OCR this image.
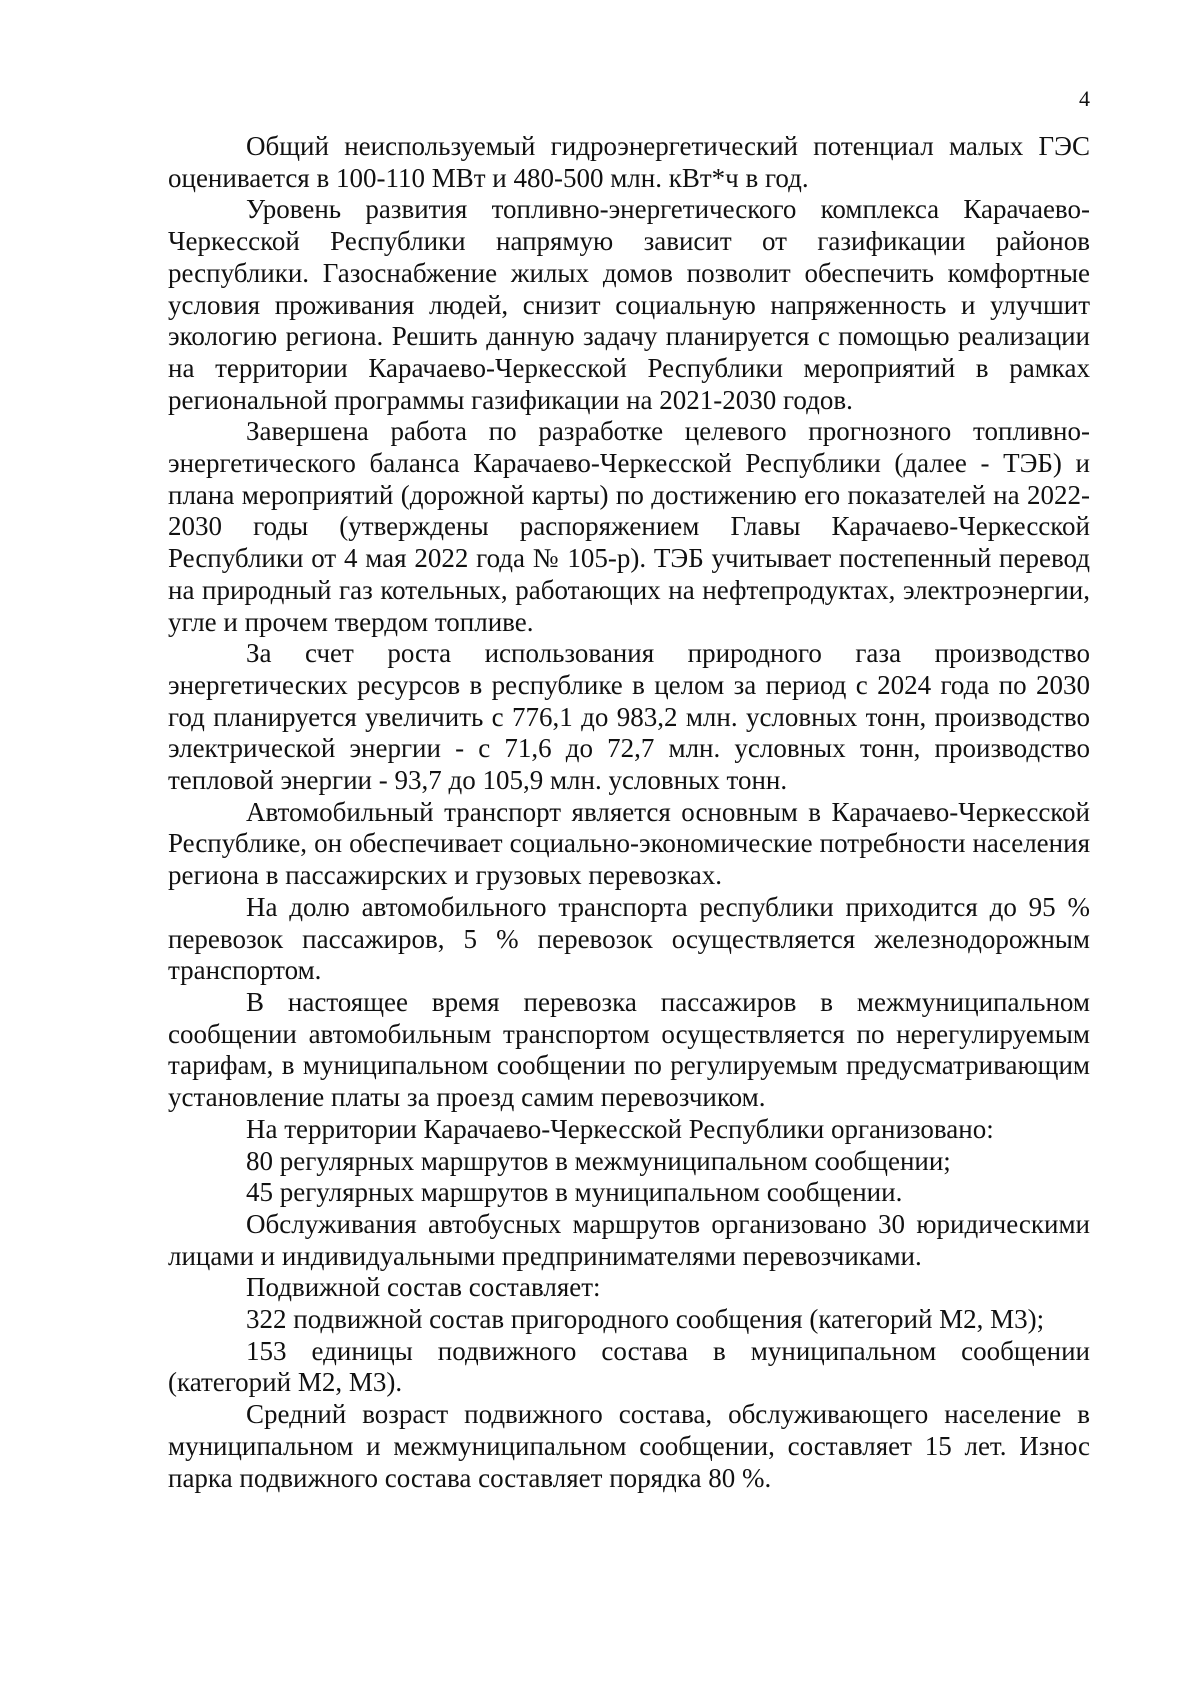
4

Общий неиспользуемый гидроэнергетический потенциал малых ГЭС оценивается в 100-110 МВт и 480-500 млн. кВт*ч в год.

Уровень развития топливно-энергетического комплекса Карачаево-Черкесской Республики напрямую зависит от газификации районов республики. Газоснабжение жилых домов позволит обеспечить комфортные условия проживания людей, снизит социальную напряженность и улучшит экологию региона. Решить данную задачу планируется с помощью реализации на территории Карачаево-Черкесской Республики мероприятий в рамках региональной программы газификации на 2021-2030 годов.

Завершена работа по разработке целевого прогнозного топливно-энергетического баланса Карачаево-Черкесской Республики (далее - ТЭБ) и плана мероприятий (дорожной карты) по достижению его показателей на 2022-2030 годы (утверждены распоряжением Главы Карачаево-Черкесской Республики от 4 мая 2022 года № 105-р). ТЭБ учитывает постепенный перевод на природный газ котельных, работающих на нефтепродуктах, электроэнергии, угле и прочем твердом топливе.

За счет роста использования природного газа производство энергетических ресурсов в республике в целом за период с 2024 года по 2030 год планируется увеличить с 776,1 до 983,2 млн. условных тонн, производство электрической энергии - с 71,6 до 72,7 млн. условных тонн, производство тепловой энергии - 93,7 до 105,9 млн. условных тонн.

Автомобильный транспорт является основным в Карачаево-Черкесской Республике, он обеспечивает социально-экономические потребности населения региона в пассажирских и грузовых перевозках.

На долю автомобильного транспорта республики приходится до 95 % перевозок пассажиров, 5 % перевозок осуществляется железнодорожным транспортом.

В настоящее время перевозка пассажиров в межмуниципальном сообщении автомобильным транспортом осуществляется по нерегулируемым тарифам, в муниципальном сообщении по регулируемым предусматривающим установление платы за проезд самим перевозчиком.

На территории Карачаево-Черкесской Республики организовано:

80 регулярных маршрутов в межмуниципальном сообщении;

45 регулярных маршрутов в муниципальном сообщении.

Обслуживания автобусных маршрутов организовано 30 юридическими лицами и индивидуальными предпринимателями перевозчиками.

Подвижной состав составляет:

322 подвижной состав пригородного сообщения (категорий М2, М3);

153 единицы подвижного состава в муниципальном сообщении (категорий М2, М3).

Средний возраст подвижного состава, обслуживающего население в муниципальном и межмуниципальном сообщении, составляет 15 лет. Износ парка подвижного состава составляет порядка 80 %.
